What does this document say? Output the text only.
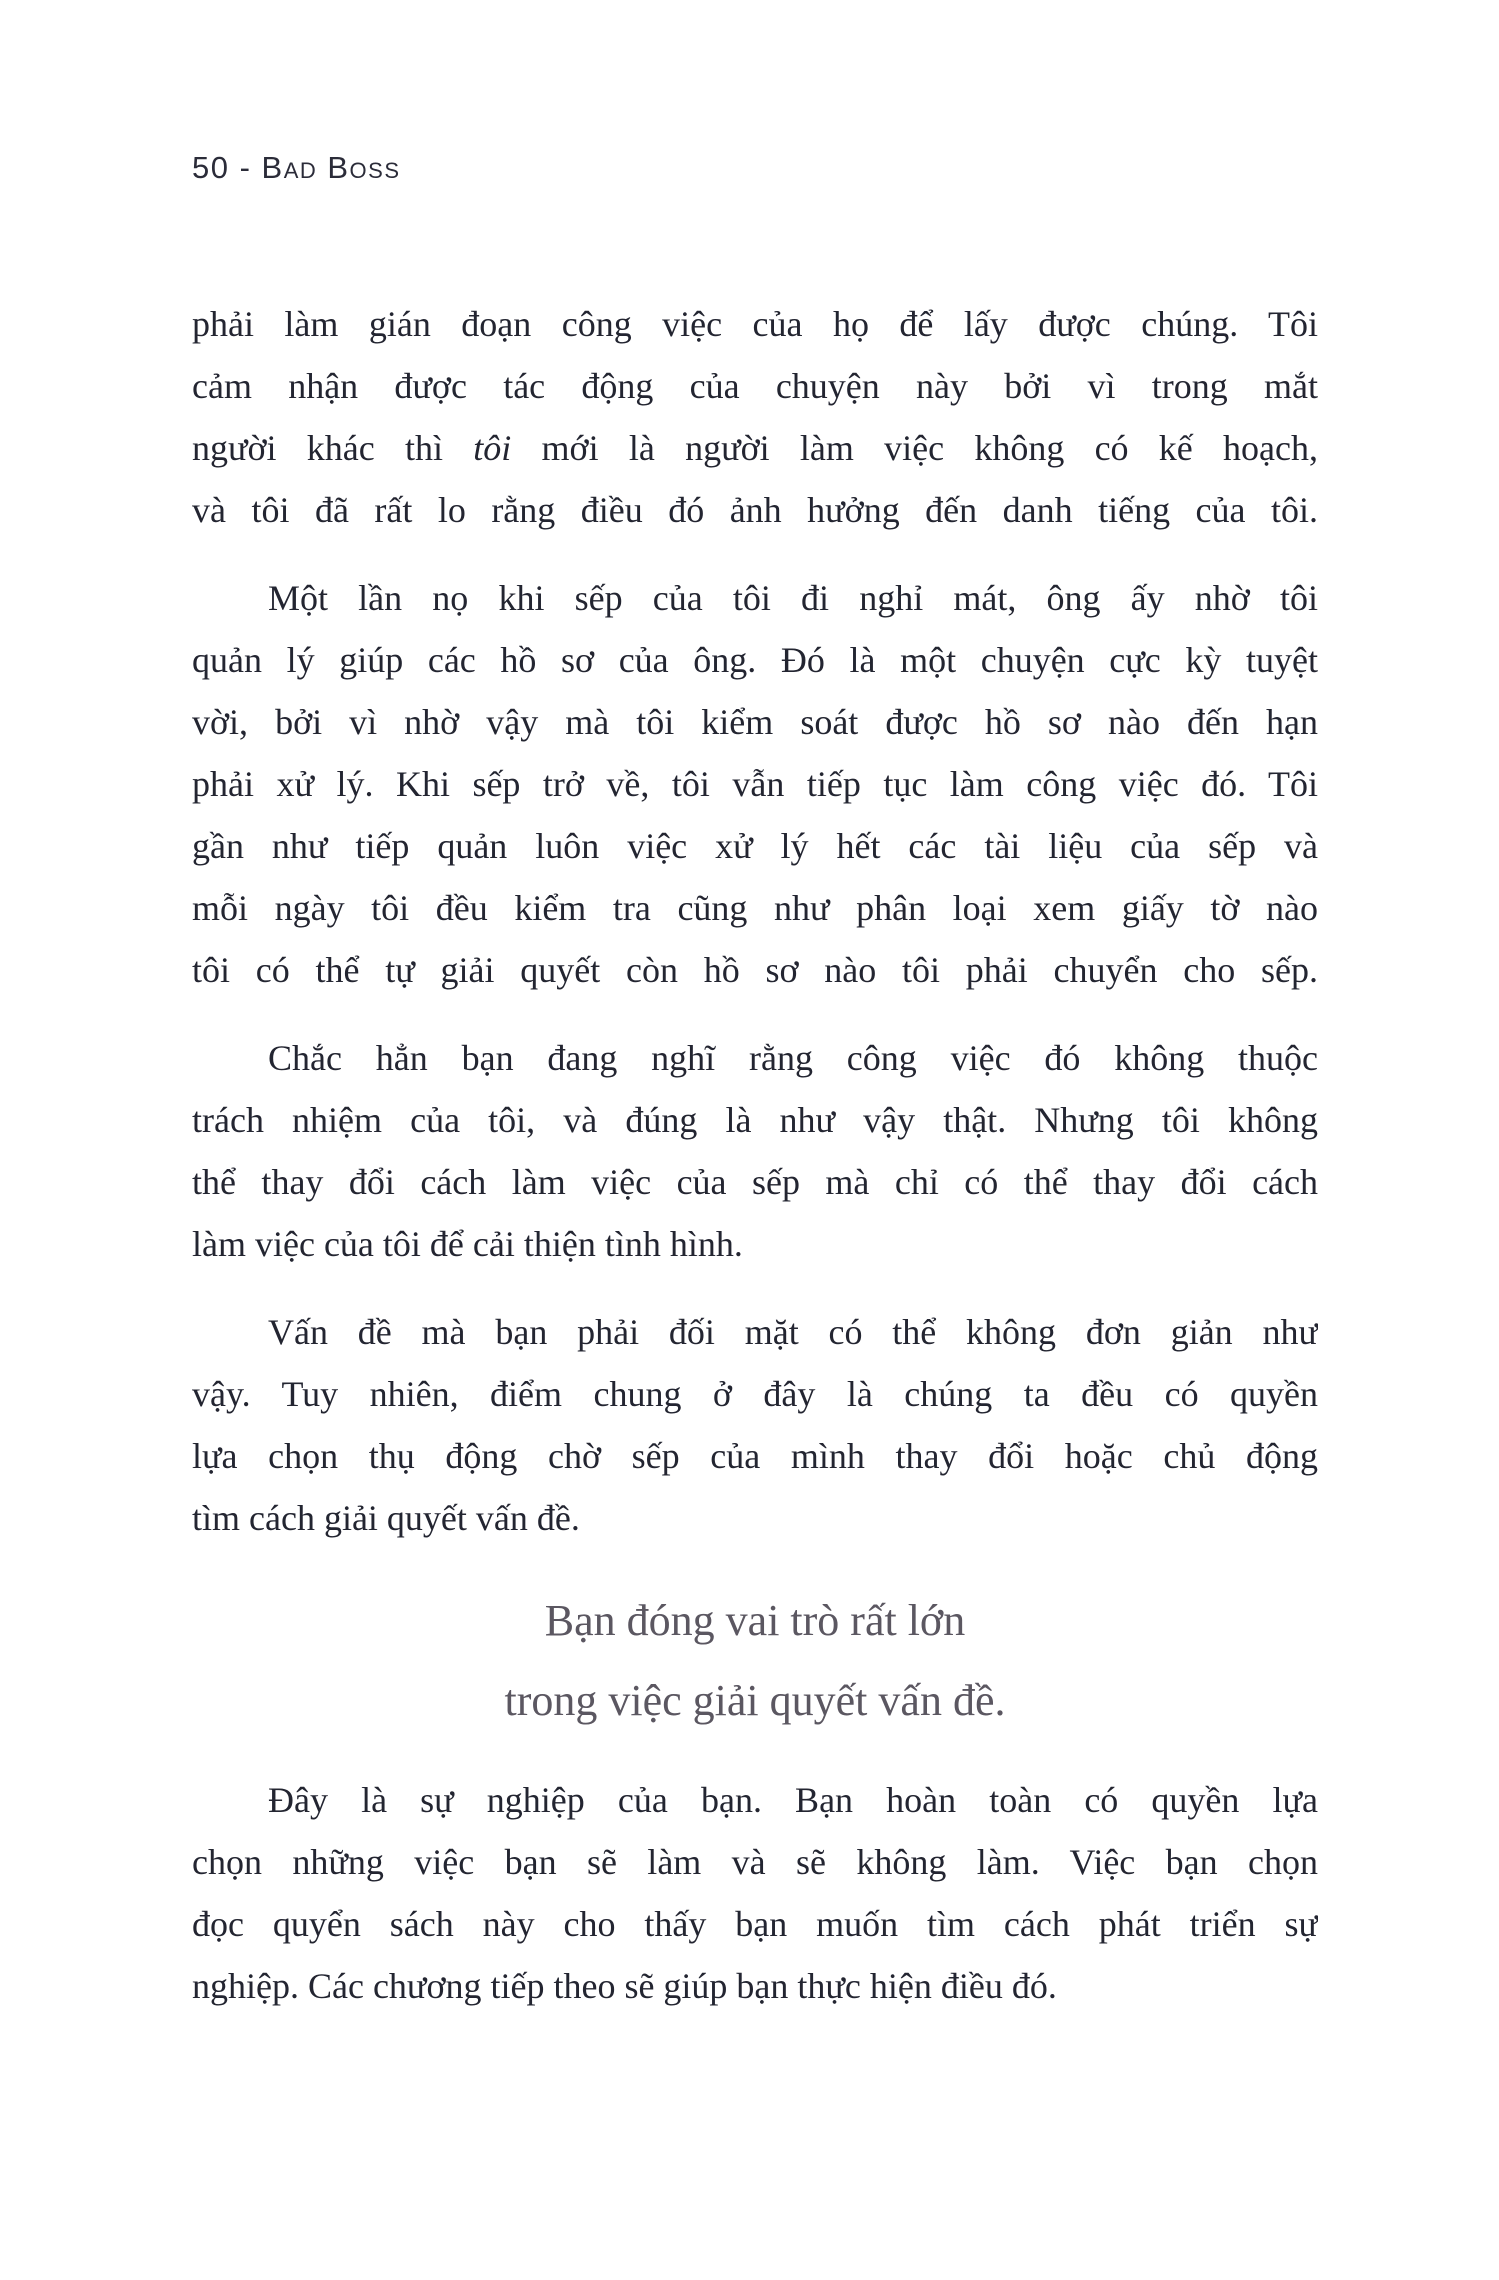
50 - Bad Boss
phải làm gián đoạn công việc của họ để lấy được chúng. Tôi
cảm nhận được tác động của chuyện này bởi vì trong mắt
người khác thì tôi mới là người làm việc không có kế hoạch,
và tôi đã rất lo rằng điều đó ảnh hưởng đến danh tiếng của tôi.
Một lần nọ khi sếp của tôi đi nghỉ mát, ông ấy nhờ tôi
quản lý giúp các hồ sơ của ông. Đó là một chuyện cực kỳ tuyệt
vời, bởi vì nhờ vậy mà tôi kiểm soát được hồ sơ nào đến hạn
phải xử lý. Khi sếp trở về, tôi vẫn tiếp tục làm công việc đó. Tôi
gần như tiếp quản luôn việc xử lý hết các tài liệu của sếp và
mỗi ngày tôi đều kiểm tra cũng như phân loại xem giấy tờ nào
tôi có thể tự giải quyết còn hồ sơ nào tôi phải chuyển cho sếp.
Chắc hẳn bạn đang nghĩ rằng công việc đó không thuộc
trách nhiệm của tôi, và đúng là như vậy thật. Nhưng tôi không
thể thay đổi cách làm việc của sếp mà chỉ có thể thay đổi cách
làm việc của tôi để cải thiện tình hình.
Vấn đề mà bạn phải đối mặt có thể không đơn giản như
vậy. Tuy nhiên, điểm chung ở đây là chúng ta đều có quyền
lựa chọn thụ động chờ sếp của mình thay đổi hoặc chủ động
tìm cách giải quyết vấn đề.
Bạn đóng vai trò rất lớn
trong việc giải quyết vấn đề.
Đây là sự nghiệp của bạn. Bạn hoàn toàn có quyền lựa
chọn những việc bạn sẽ làm và sẽ không làm. Việc bạn chọn
đọc quyển sách này cho thấy bạn muốn tìm cách phát triển sự
nghiệp. Các chương tiếp theo sẽ giúp bạn thực hiện điều đó.
